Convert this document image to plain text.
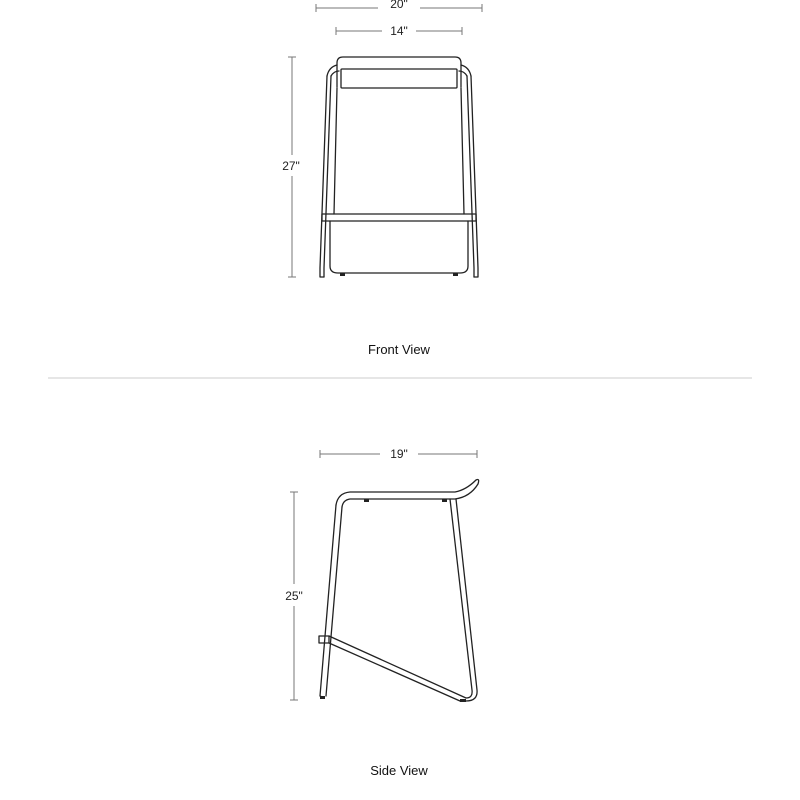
20"
14"
27"
Front View
19"
25"
Side View
